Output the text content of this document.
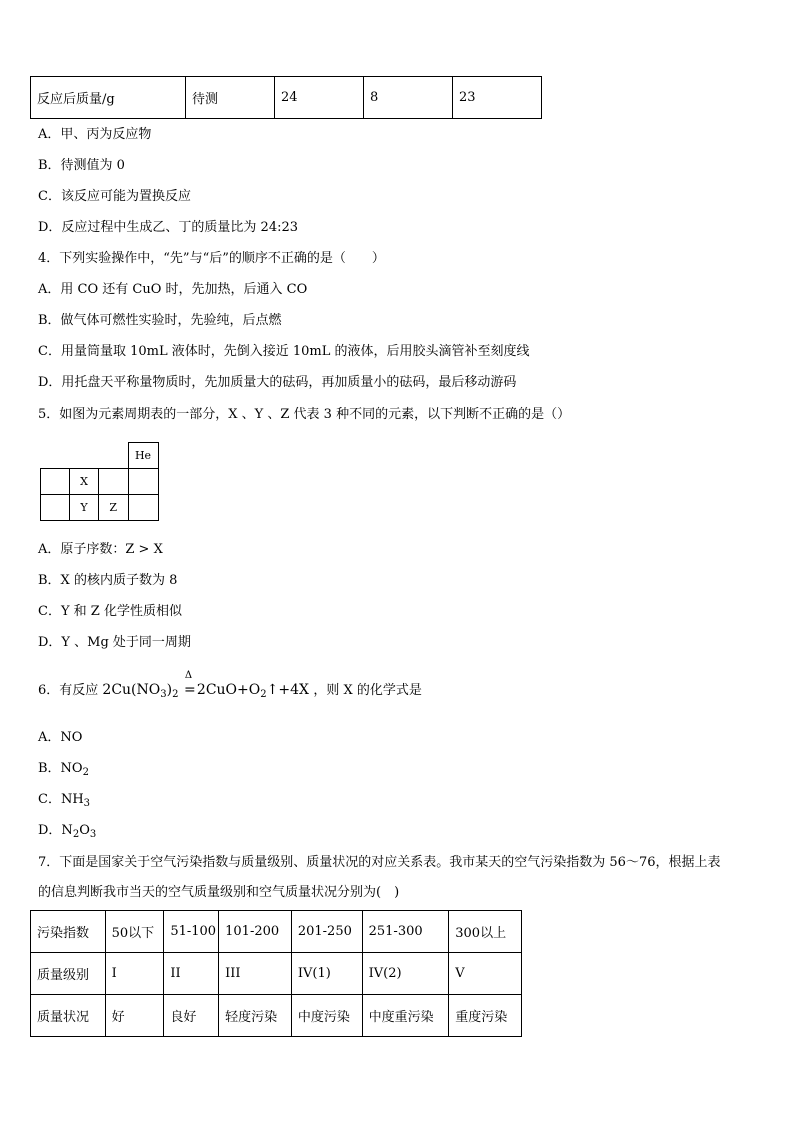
反应后质量/g	待测	24	8	23
A．甲、丙为反应物
B．待测值为 0
C．该反应可能为置换反应
D．反应过程中生成乙、丁的质量比为 24:23
4．下列实验操作中，“先”与“后”的顺序不正确的是（　　）
A．用 CO 还有 CuO 时，先加热，后通入 CO
B．做气体可燃性实验时，先验纯，后点燃
C．用量筒量取 10mL 液体时，先倒入接近 10mL 的液体，后用胶头滴管补至刻度线
D．用托盘天平称量物质时，先加质量大的砝码，再加质量小的砝码，最后移动游码
5．如图为元素周期表的一部分，X 、Y 、Z 代表 3 种不同的元素，以下判断不正确的是（）
			He
	X		
	Y	Z	
A．原子序数：Z > X
B．X 的核内质子数为 8
C．Y 和 Z 化学性质相似
D．Y 、Mg 处于同一周期
6．有反应 $2Cu(NO_3)_2$
Δ
$=2CuO+O_2↑+4X$ ，则 X 的化学式是
A．NO
B．$NO_2$
C．$NH_3$
D．$N_2O_3$
7．下面是国家关于空气污染指数与质量级别、质量状况的对应关系表。我市某天的空气污染指数为 56～76，根据上表
的信息判断我市当天的空气质量级别和空气质量状况分别为(　)
污染指数	50以下	51-100	101-200	201-250	251-300	300以上
质量级别	I	II	III	IV(1)	IV(2)	V
质量状况	好	良好	轻度污染	中度污染	中度重污染	重度污染
